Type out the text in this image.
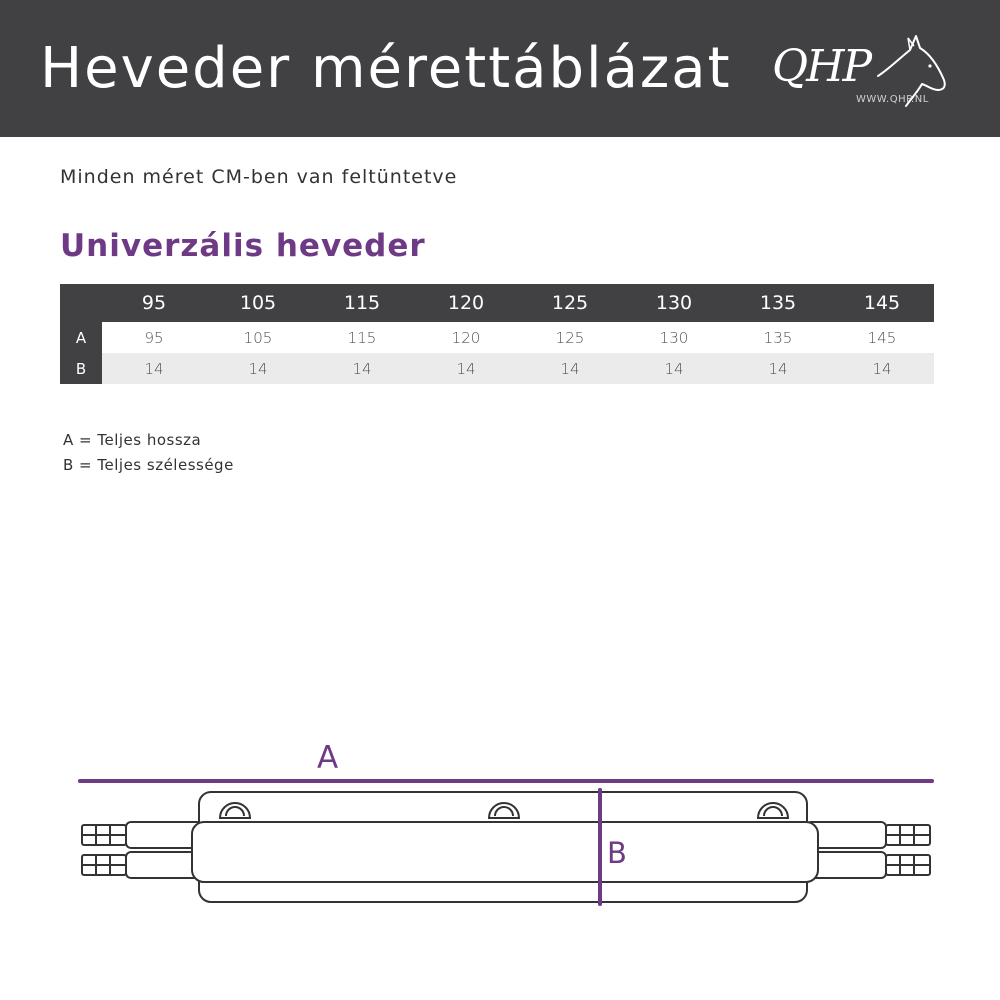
Heveder mérettáblázat QHP
WWW.QHP.NL
Minden méret CM-ben van feltüntetve
Univerzális heveder
	95	105	115	120	125	130	135	145
A	95	105	115	120	125	130	135	145
B	14	14	14	14	14	14	14	14
A = Teljes hossza
B = Teljes szélessége
A
B
